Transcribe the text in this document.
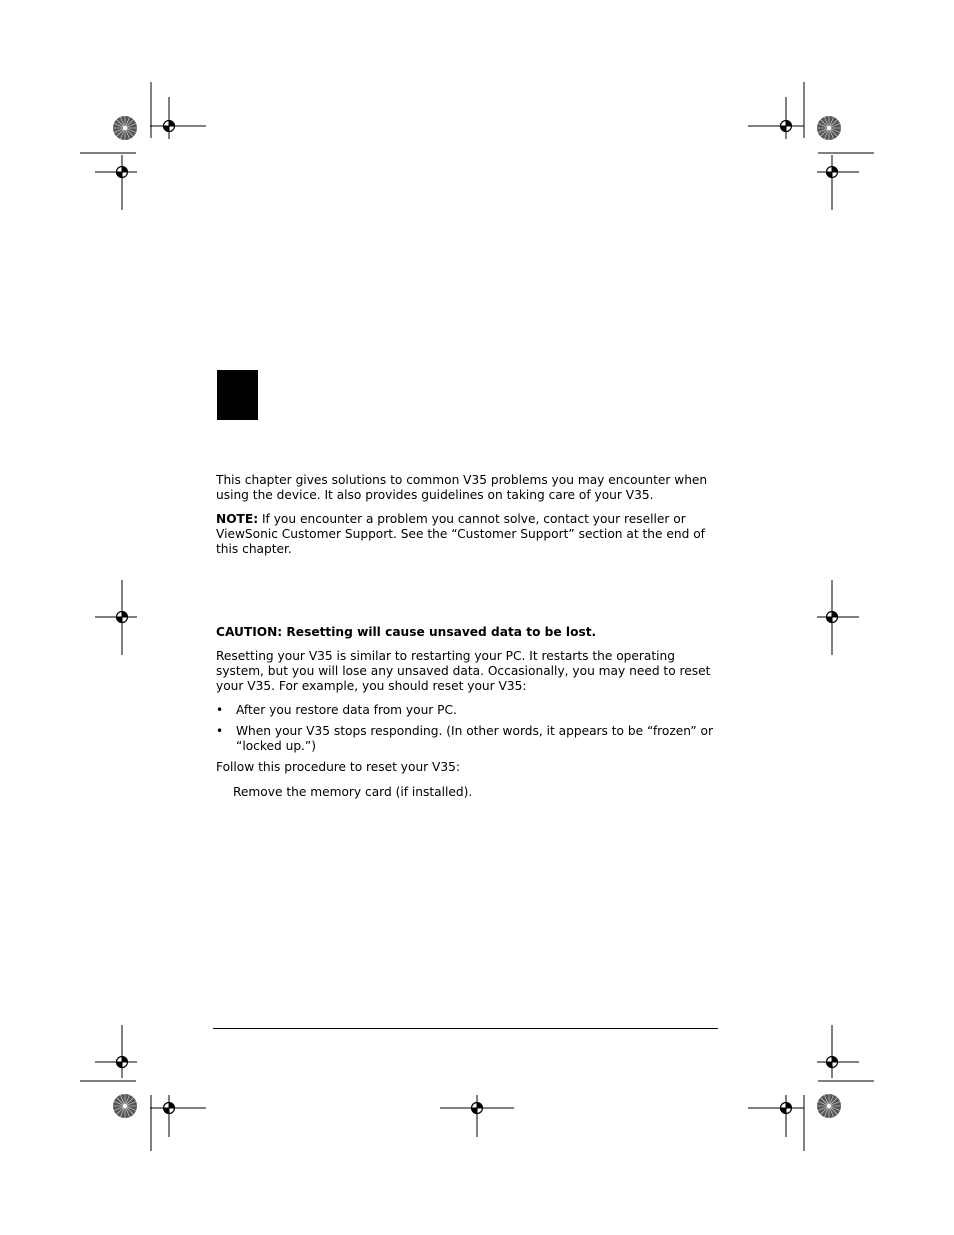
This chapter gives solutions to common V35 problems you may encounter when using the device. It also provides guidelines on taking care of your V35.

NOTE: If you encounter a problem you cannot solve, contact your reseller or ViewSonic Customer Support. See the “Customer Support” section at the end of this chapter.

CAUTION: Resetting will cause unsaved data to be lost.

Resetting your V35 is similar to restarting your PC. It restarts the operating system, but you will lose any unsaved data. Occasionally, you may need to reset your V35. For example, you should reset your V35:

• After you restore data from your PC.
• When your V35 stops responding. (In other words, it appears to be “frozen” or “locked up.”)

Follow this procedure to reset your V35:

Remove the memory card (if installed).
